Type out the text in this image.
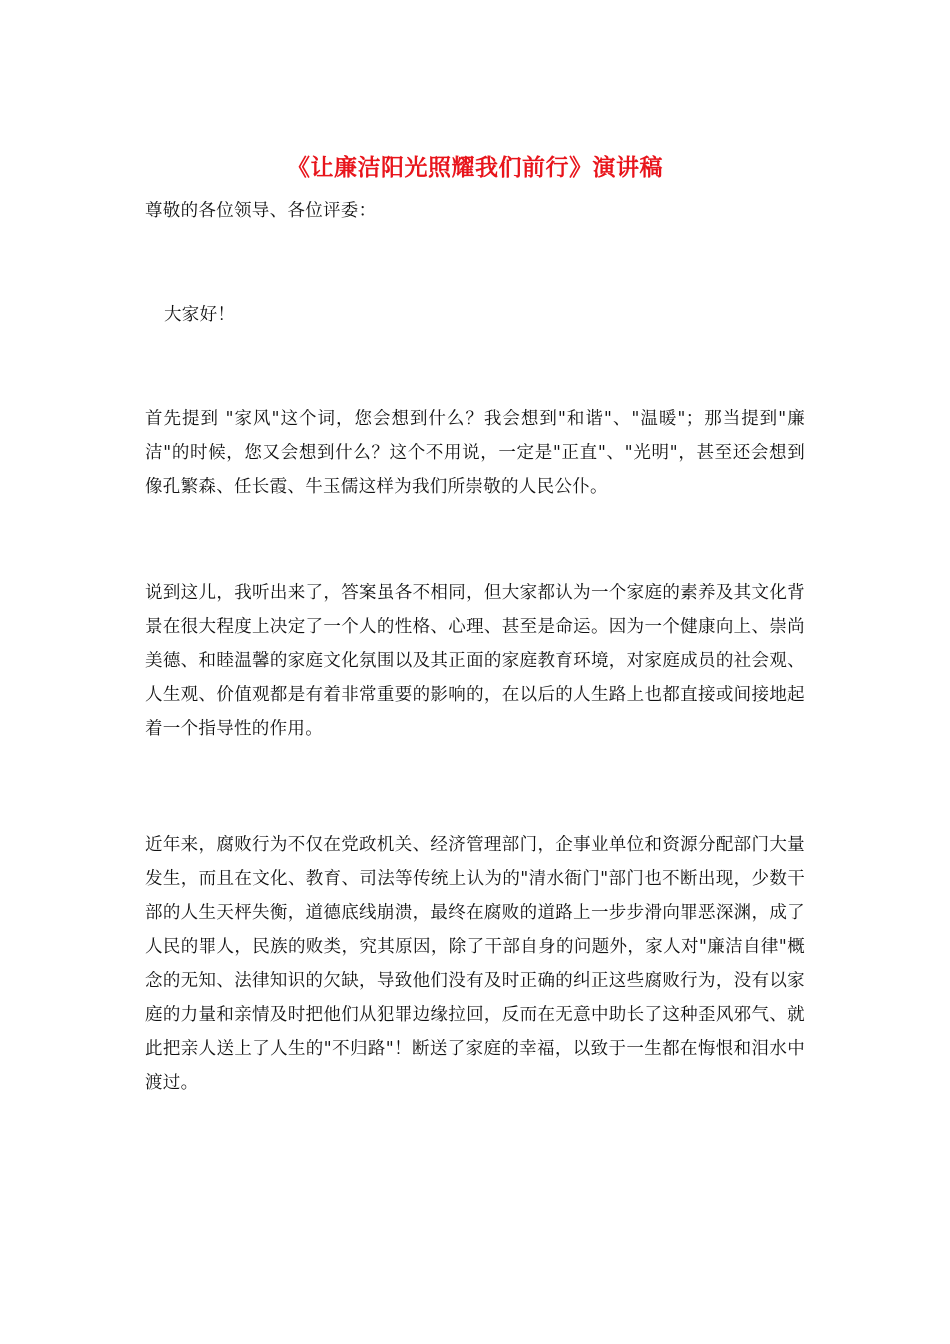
《让廉洁阳光照耀我们前行》演讲稿

尊敬的各位领导、各位评委：

大家好！

首先提到 "家风"这个词，您会想到什么？我会想到"和谐"、"温暖"；那当提到"廉洁"的时候，您又会想到什么？这个不用说，一定是"正直"、"光明"，甚至还会想到像孔繁森、任长霞、牛玉儒这样为我们所崇敬的人民公仆。

说到这儿，我听出来了，答案虽各不相同，但大家都认为一个家庭的素养及其文化背景在很大程度上决定了一个人的性格、心理、甚至是命运。因为一个健康向上、崇尚美德、和睦温馨的家庭文化氛围以及其正面的家庭教育环境，对家庭成员的社会观、人生观、价值观都是有着非常重要的影响的，在以后的人生路上也都直接或间接地起着一个指导性的作用。

近年来，腐败行为不仅在党政机关、经济管理部门，企事业单位和资源分配部门大量发生，而且在文化、教育、司法等传统上认为的"清水衙门"部门也不断出现，少数干部的人生天枰失衡，道德底线崩溃，最终在腐败的道路上一步步滑向罪恶深渊，成了人民的罪人，民族的败类，究其原因，除了干部自身的问题外，家人对"廉洁自律"概念的无知、法律知识的欠缺，导致他们没有及时正确的纠正这些腐败行为，没有以家庭的力量和亲情及时把他们从犯罪边缘拉回，反而在无意中助长了这种歪风邪气、就此把亲人送上了人生的"不归路"！断送了家庭的幸福，以致于一生都在悔恨和泪水中渡过。
